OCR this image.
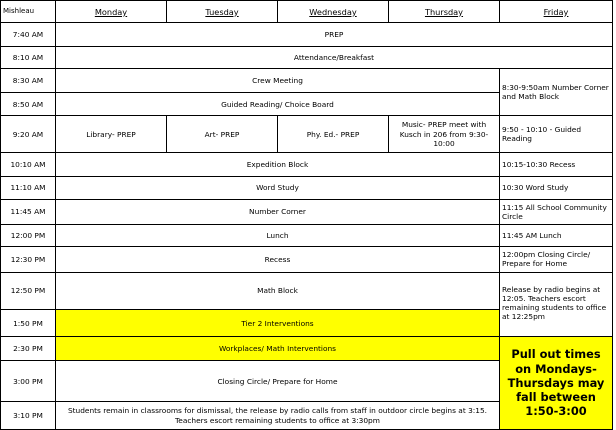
Mishleau	Monday	Tuesday	Wednesday	Thursday	Friday
7:40 AM	PREP				
8:10 AM	Attendance/Breakfast				
8:30 AM	Crew Meeting				8:30-9:50am Number Corner and Math Block
8:50 AM	Guided Reading/ Choice Board				
9:20 AM	Library- PREP	Art- PREP	Phy. Ed.- PREP	Music- PREP meet with Kusch in 206 from 9:30-10:00	9:50 - 10:10 - Guided Reading
10:10 AM	Expedition Block				10:15-10:30 Recess
11:10 AM	Word Study				10:30 Word Study
11:45 AM	Number Corner				11:15 All School Community Circle
12:00 PM	Lunch				11:45 AM Lunch
12:30 PM	Recess				12:00pm Closing Circle/ Prepare for Home
12:50 PM	Math Block				Release by radio begins at 12:05. Teachers escort remaining students to office at 12:25pm
1:50 PM	Tier 2 Interventions				
2:30 PM	Workplaces/ Math Interventions				Pull out times on Mondays-Thursdays may fall between 1:50-3:00
3:00 PM	Closing Circle/ Prepare for Home				
3:10 PM	Students remain in classrooms for dismissal, the release by radio calls from staff in outdoor circle begins at 3:15. Teachers escort remaining students to office at 3:30pm				
